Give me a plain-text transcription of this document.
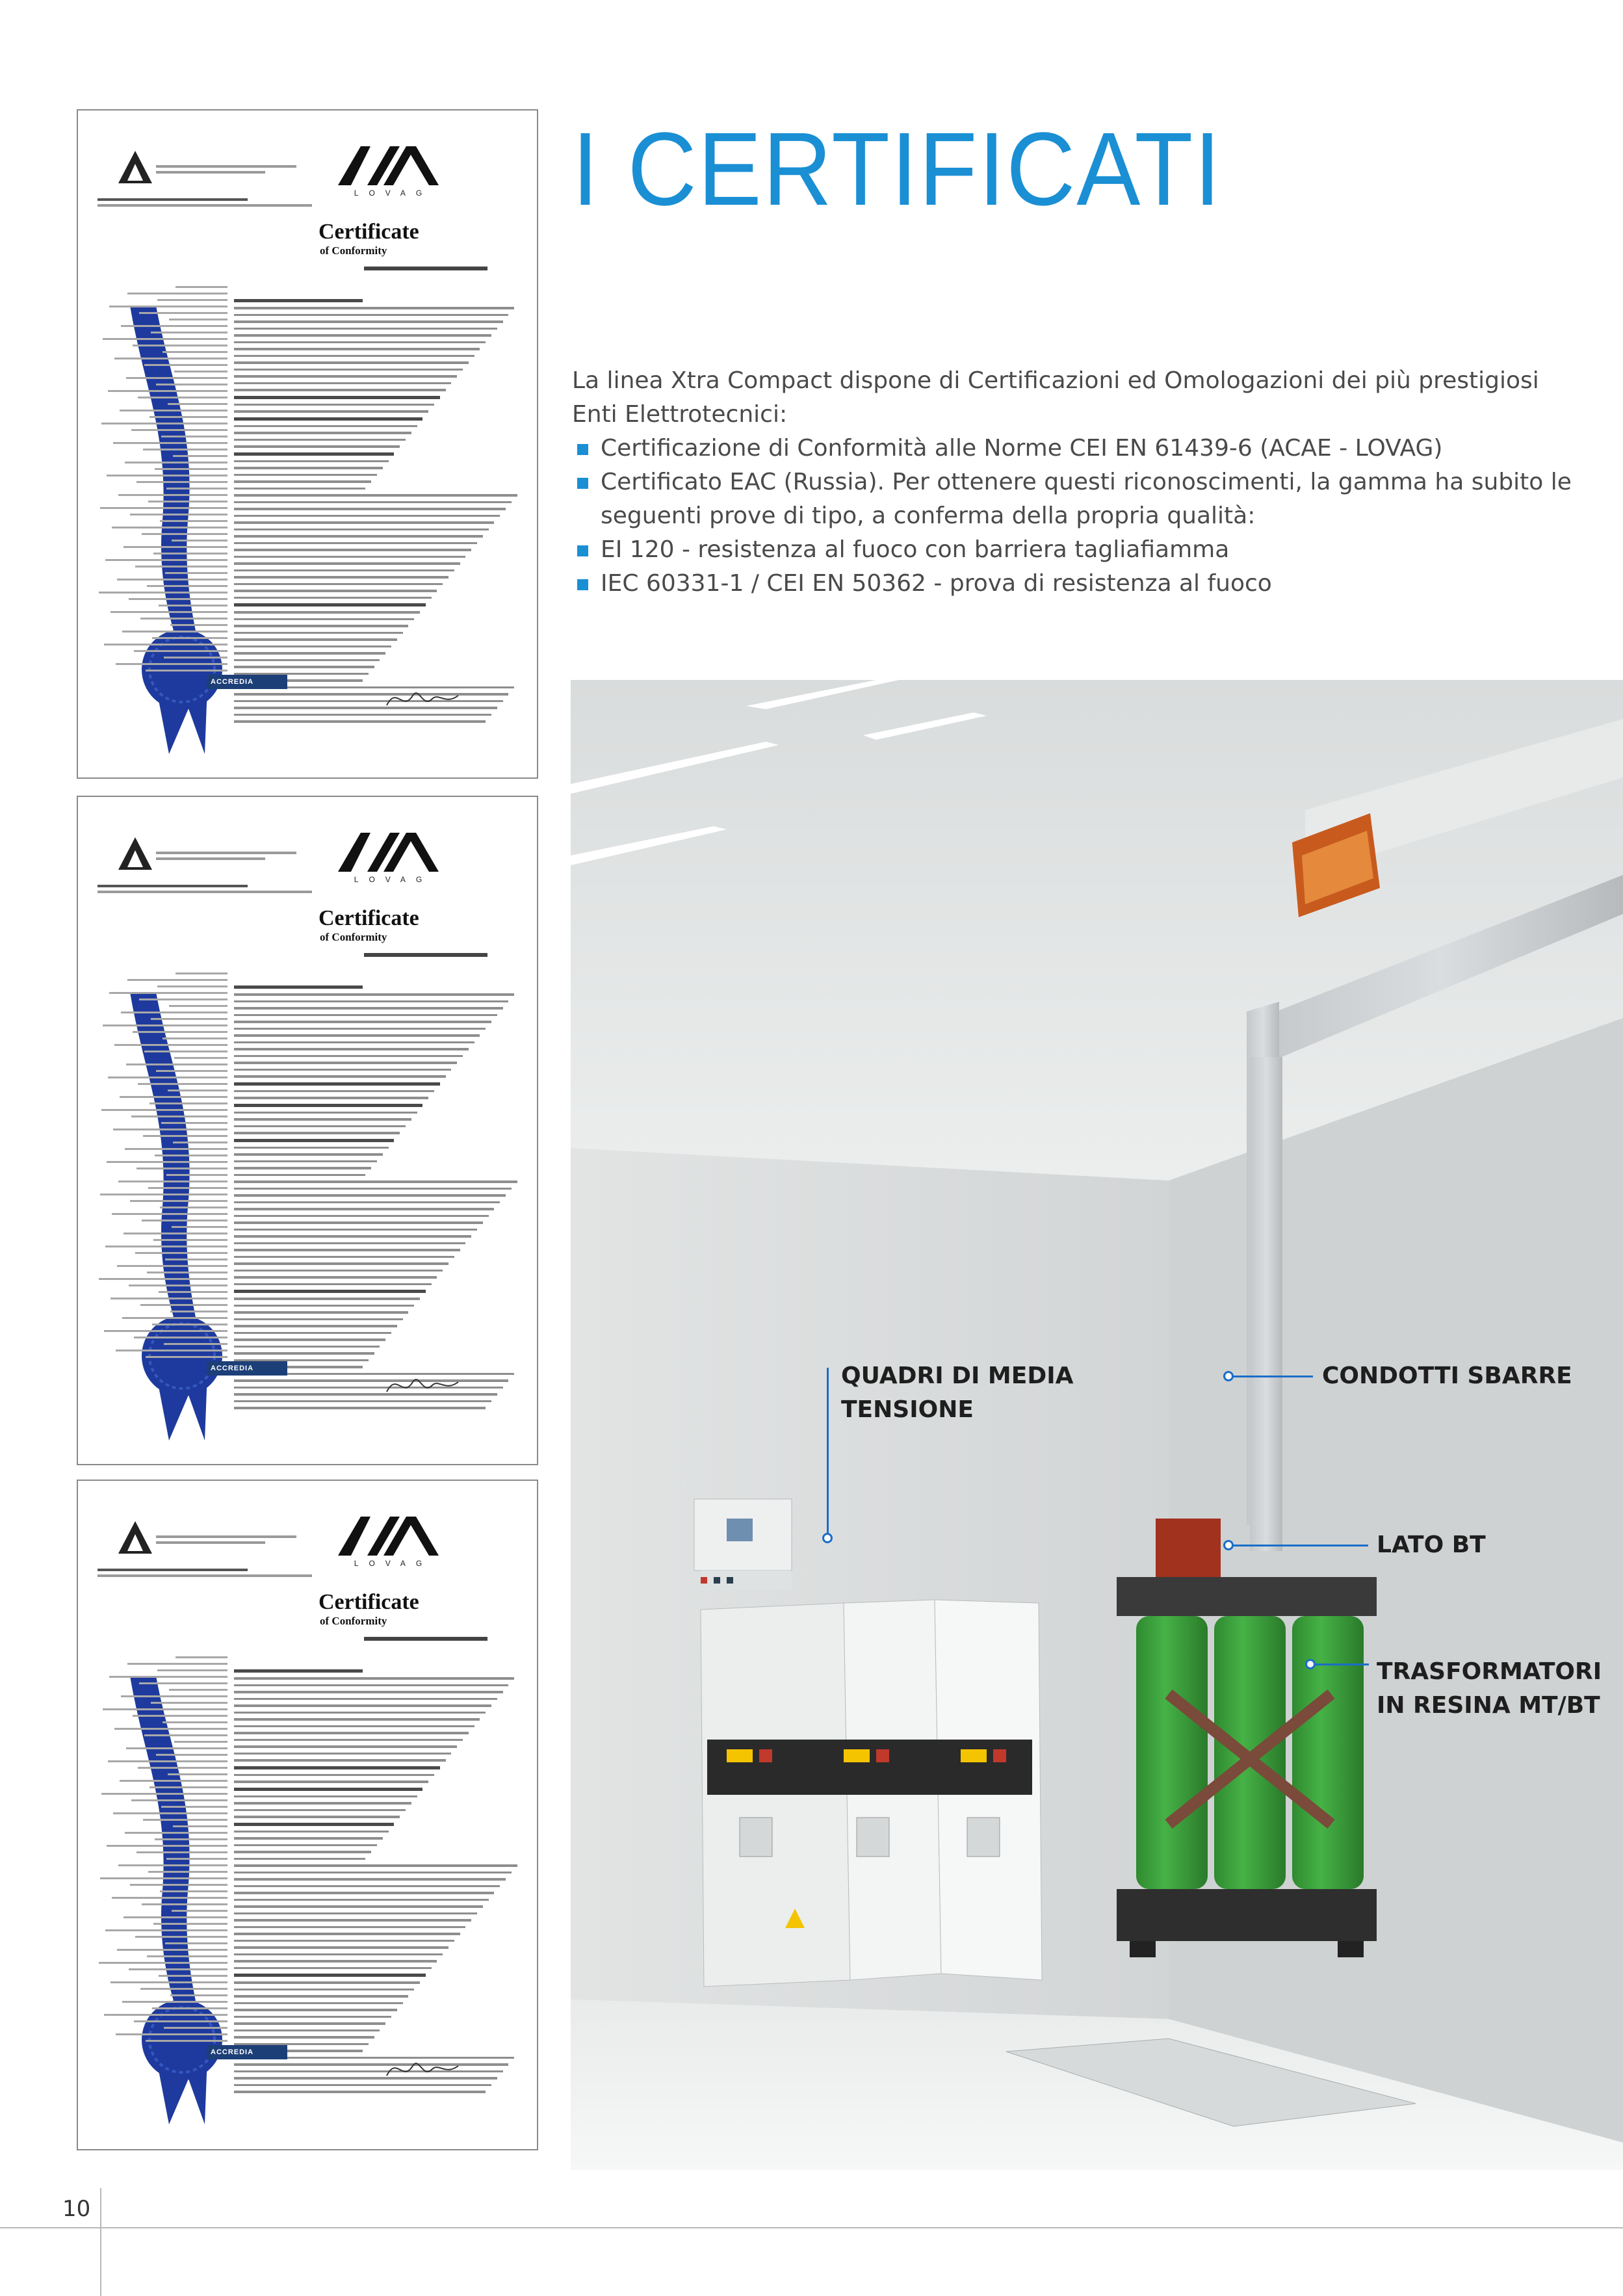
LOVAG
Certificate
of Conformity
ACCREDIA
LOVAG
Certificate
of Conformity
ACCREDIA
LOVAG
Certificate
of Conformity
ACCREDIA
I CERTIFICATI

La linea Xtra Compact dispone di Certificazioni ed Omologazioni dei più prestigiosi Enti Elettrotecnici:

Certificazione di Conformità alle Norme CEI EN 61439-6 (ACAE - LOVAG)
Certificato EAC (Russia). Per ottenere questi riconoscimenti, la gamma ha subito le seguenti prove di tipo, a conferma della propria qualità:
EI 120 - resistenza al fuoco con barriera tagliafiamma
IEC 60331-1 / CEI EN 50362 - prova di resistenza al fuoco
QUADRI DI MEDIA
TENSIONE
CONDOTTI SBARRE
LATO BT
TRASFORMATORI
IN RESINA MT/BT
10
